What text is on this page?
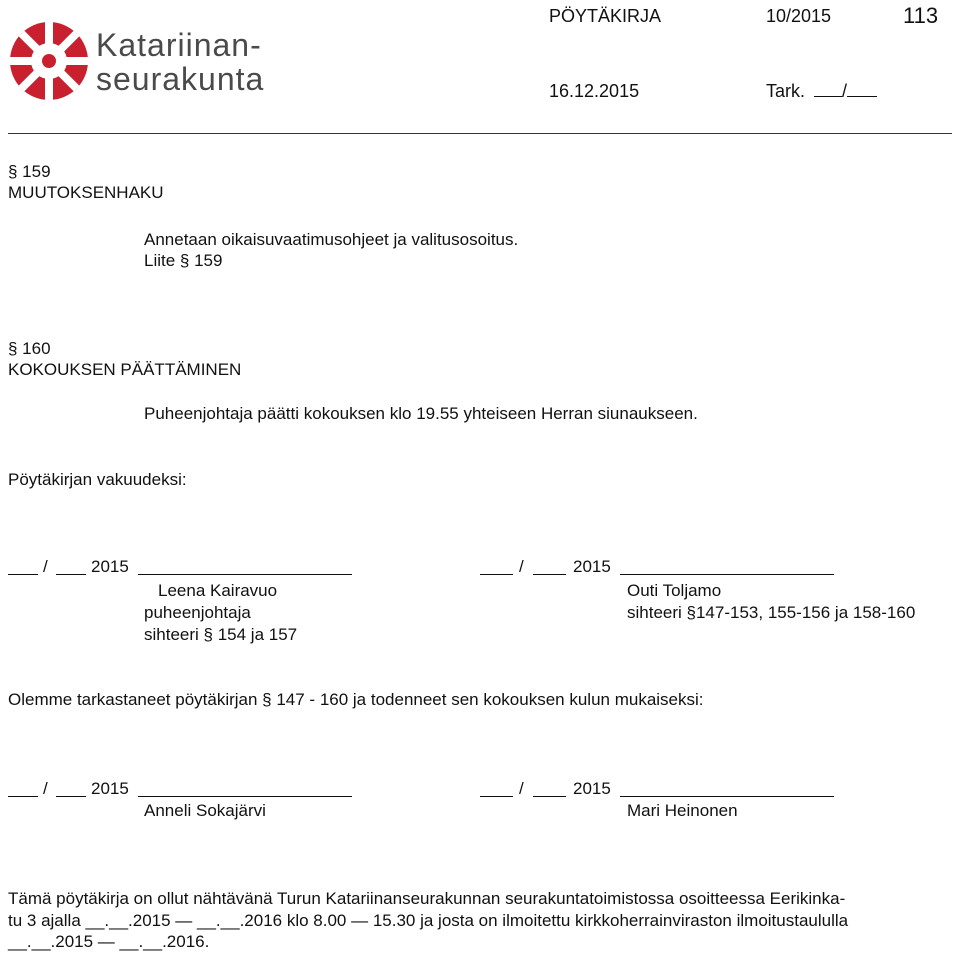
Katariinan-
seurakunta
PÖYTÄKIRJA	10/2015	113
16.12.2015	Tark. /
§ 159
MUUTOKSENHAKU
Annetaan oikaisuvaatimusohjeet ja valitusosoitus.
Liite § 159
§ 160
KOKOUKSEN PÄÄTTÄMINEN
Puheenjohtaja päätti kokouksen klo 19.55 yhteiseen Herran siunaukseen.
Pöytäkirjan vakuudeksi:
/	2015
Leena Kairavuo
puheenjohtaja
sihteeri § 154 ja 157
/	2015
Outi Toljamo
sihteeri §147-153, 155-156 ja 158-160
Olemme tarkastaneet pöytäkirjan § 147 - 160 ja todenneet sen kokouksen kulun mukaiseksi:
/	2015
Anneli Sokajärvi
/	2015
Mari Heinonen
Tämä pöytäkirja on ollut nähtävänä Turun Katariinanseurakunnan seurakuntatoimistossa osoitteessa Eerikinka-
tu 3 ajalla __.__.2015 — __.__.2016 klo 8.00 — 15.30 ja josta on ilmoitettu kirkkoherrainviraston ilmoitustaululla
__.__.2015 — __.__.2016.
